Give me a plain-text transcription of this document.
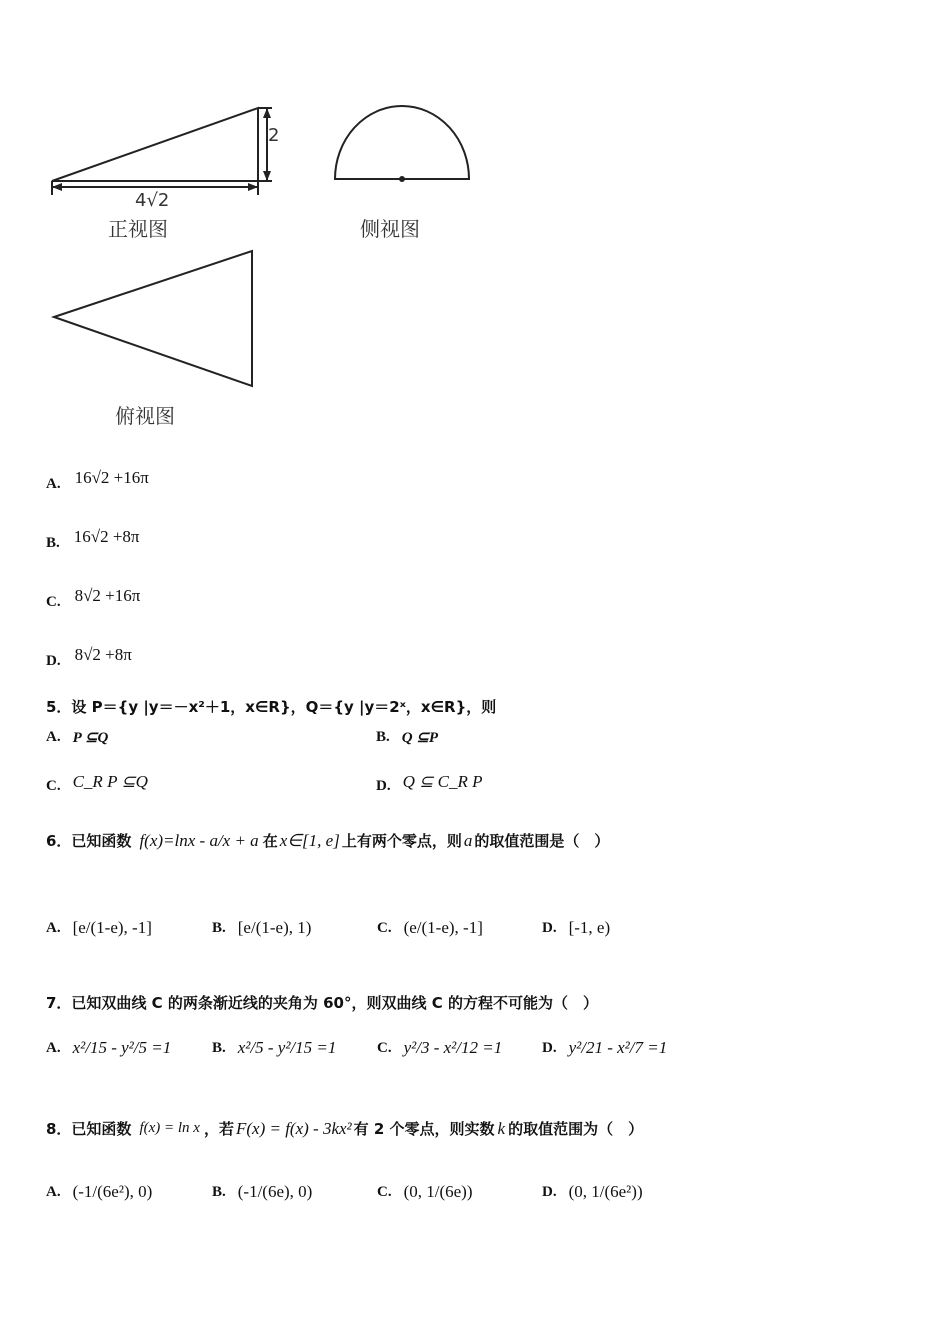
2
4√2
正视图	侧视图
俯视图
A. 16√2 +16π
B. 16√2 +8π
C. 8√2 +16π
D. 8√2 +8π
5．设 P＝{y |y＝－x²＋1，x∈R}，Q＝{y |y＝2ˣ，x∈R}，则
A. P ⊆Q	B. Q ⊆P
C. C_R P ⊆Q	D. Q ⊆ C_R P
6．已知函数 f(x)=lnx - a/x + a 在 x∈[1, e] 上有两个零点，则 a 的取值范围是（　）
A. [e/(1-e), -1]	B. [e/(1-e), 1)	C. (e/(1-e), -1]	D. [-1, e)
7．已知双曲线 C 的两条渐近线的夹角为 60°，则双曲线 C 的方程不可能为（　）
A. x²/15 - y²/5 =1	B. x²/5 - y²/15 =1	C. y²/3 - x²/12 =1	D. y²/21 - x²/7 =1
8．已知函数 f(x) = ln x ，若 F(x) = f(x) - 3kx² 有 2 个零点，则实数 k 的取值范围为（　）
A. (-1/(6e²), 0)	B. (-1/(6e), 0)	C. (0, 1/(6e))	D. (0, 1/(6e²))
